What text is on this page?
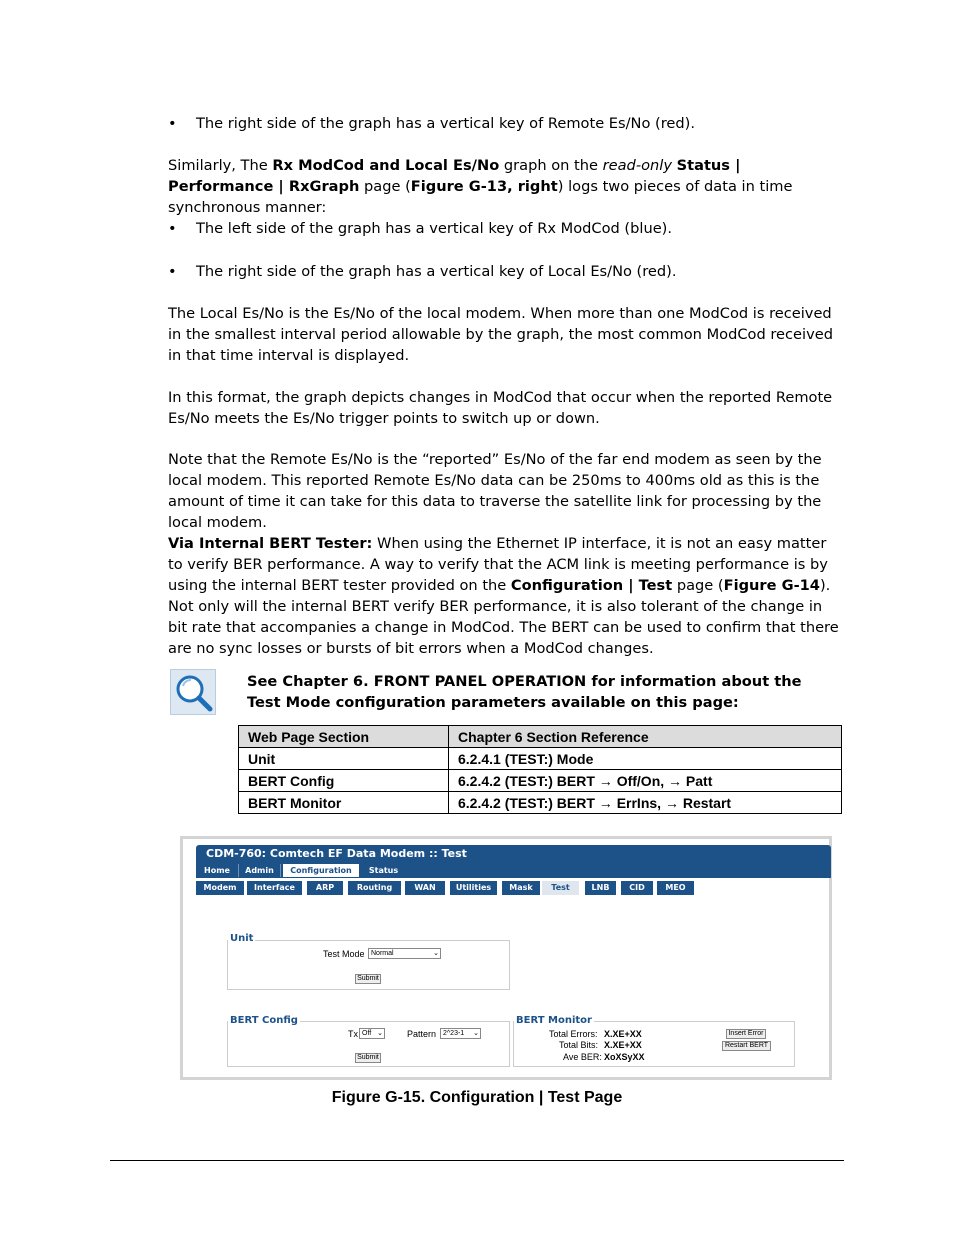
• The right side of the graph has a vertical key of Remote Es/No (red).

Similarly, The Rx ModCod and Local Es/No graph on the read-only Status | Performance | RxGraph page (Figure G-13, right) logs two pieces of data in time synchronous manner:

• The left side of the graph has a vertical key of Rx ModCod (blue).
• The right side of the graph has a vertical key of Local Es/No (red).

The Local Es/No is the Es/No of the local modem. When more than one ModCod is received in the smallest interval period allowable by the graph, the most common ModCod received in that time interval is displayed.

In this format, the graph depicts changes in ModCod that occur when the reported Remote Es/No meets the Es/No trigger points to switch up or down.

Note that the Remote Es/No is the “reported” Es/No of the far end modem as seen by the local modem. This reported Remote Es/No data can be 250ms to 400ms old as this is the amount of time it can take for this data to traverse the satellite link for processing by the local modem.

Via Internal BERT Tester: When using the Ethernet IP interface, it is not an easy matter to verify BER performance. A way to verify that the ACM link is meeting performance is by using the internal BERT tester provided on the Configuration | Test page (Figure G-14). Not only will the internal BERT verify BER performance, it is also tolerant of the change in bit rate that accompanies a change in ModCod. The BERT can be used to confirm that there are no sync losses or bursts of bit errors when a ModCod changes.

See Chapter 6. FRONT PANEL OPERATION for information about the Test Mode configuration parameters available on this page:
Web Page Section	Chapter 6 Section Reference
Unit	6.2.4.1 (TEST:) Mode
BERT Config	6.2.4.2 (TEST:) BERT → Off/On, → Patt
BERT Monitor	6.2.4.2 (TEST:) BERT → ErrIns, → Restart
CDM-760: Comtech EF Data Modem :: Test
Home	Admin	Configuration	Status
Modem	Interface	ARP	Routing	WAN	Utilities	Mask	Test	LNB	CID	MEO
Unit
Test Mode Normal	⌄
Submit
BERT Config
Tx Off ⌄	Pattern 2^23-1 ⌄
Submit
BERT Monitor
Total Errors: X.XE+XX
Total Bits: X.XE+XX
Ave BER: XoXSyXX
Insert Error
Restart BERT
Figure G-15. Configuration | Test Page
